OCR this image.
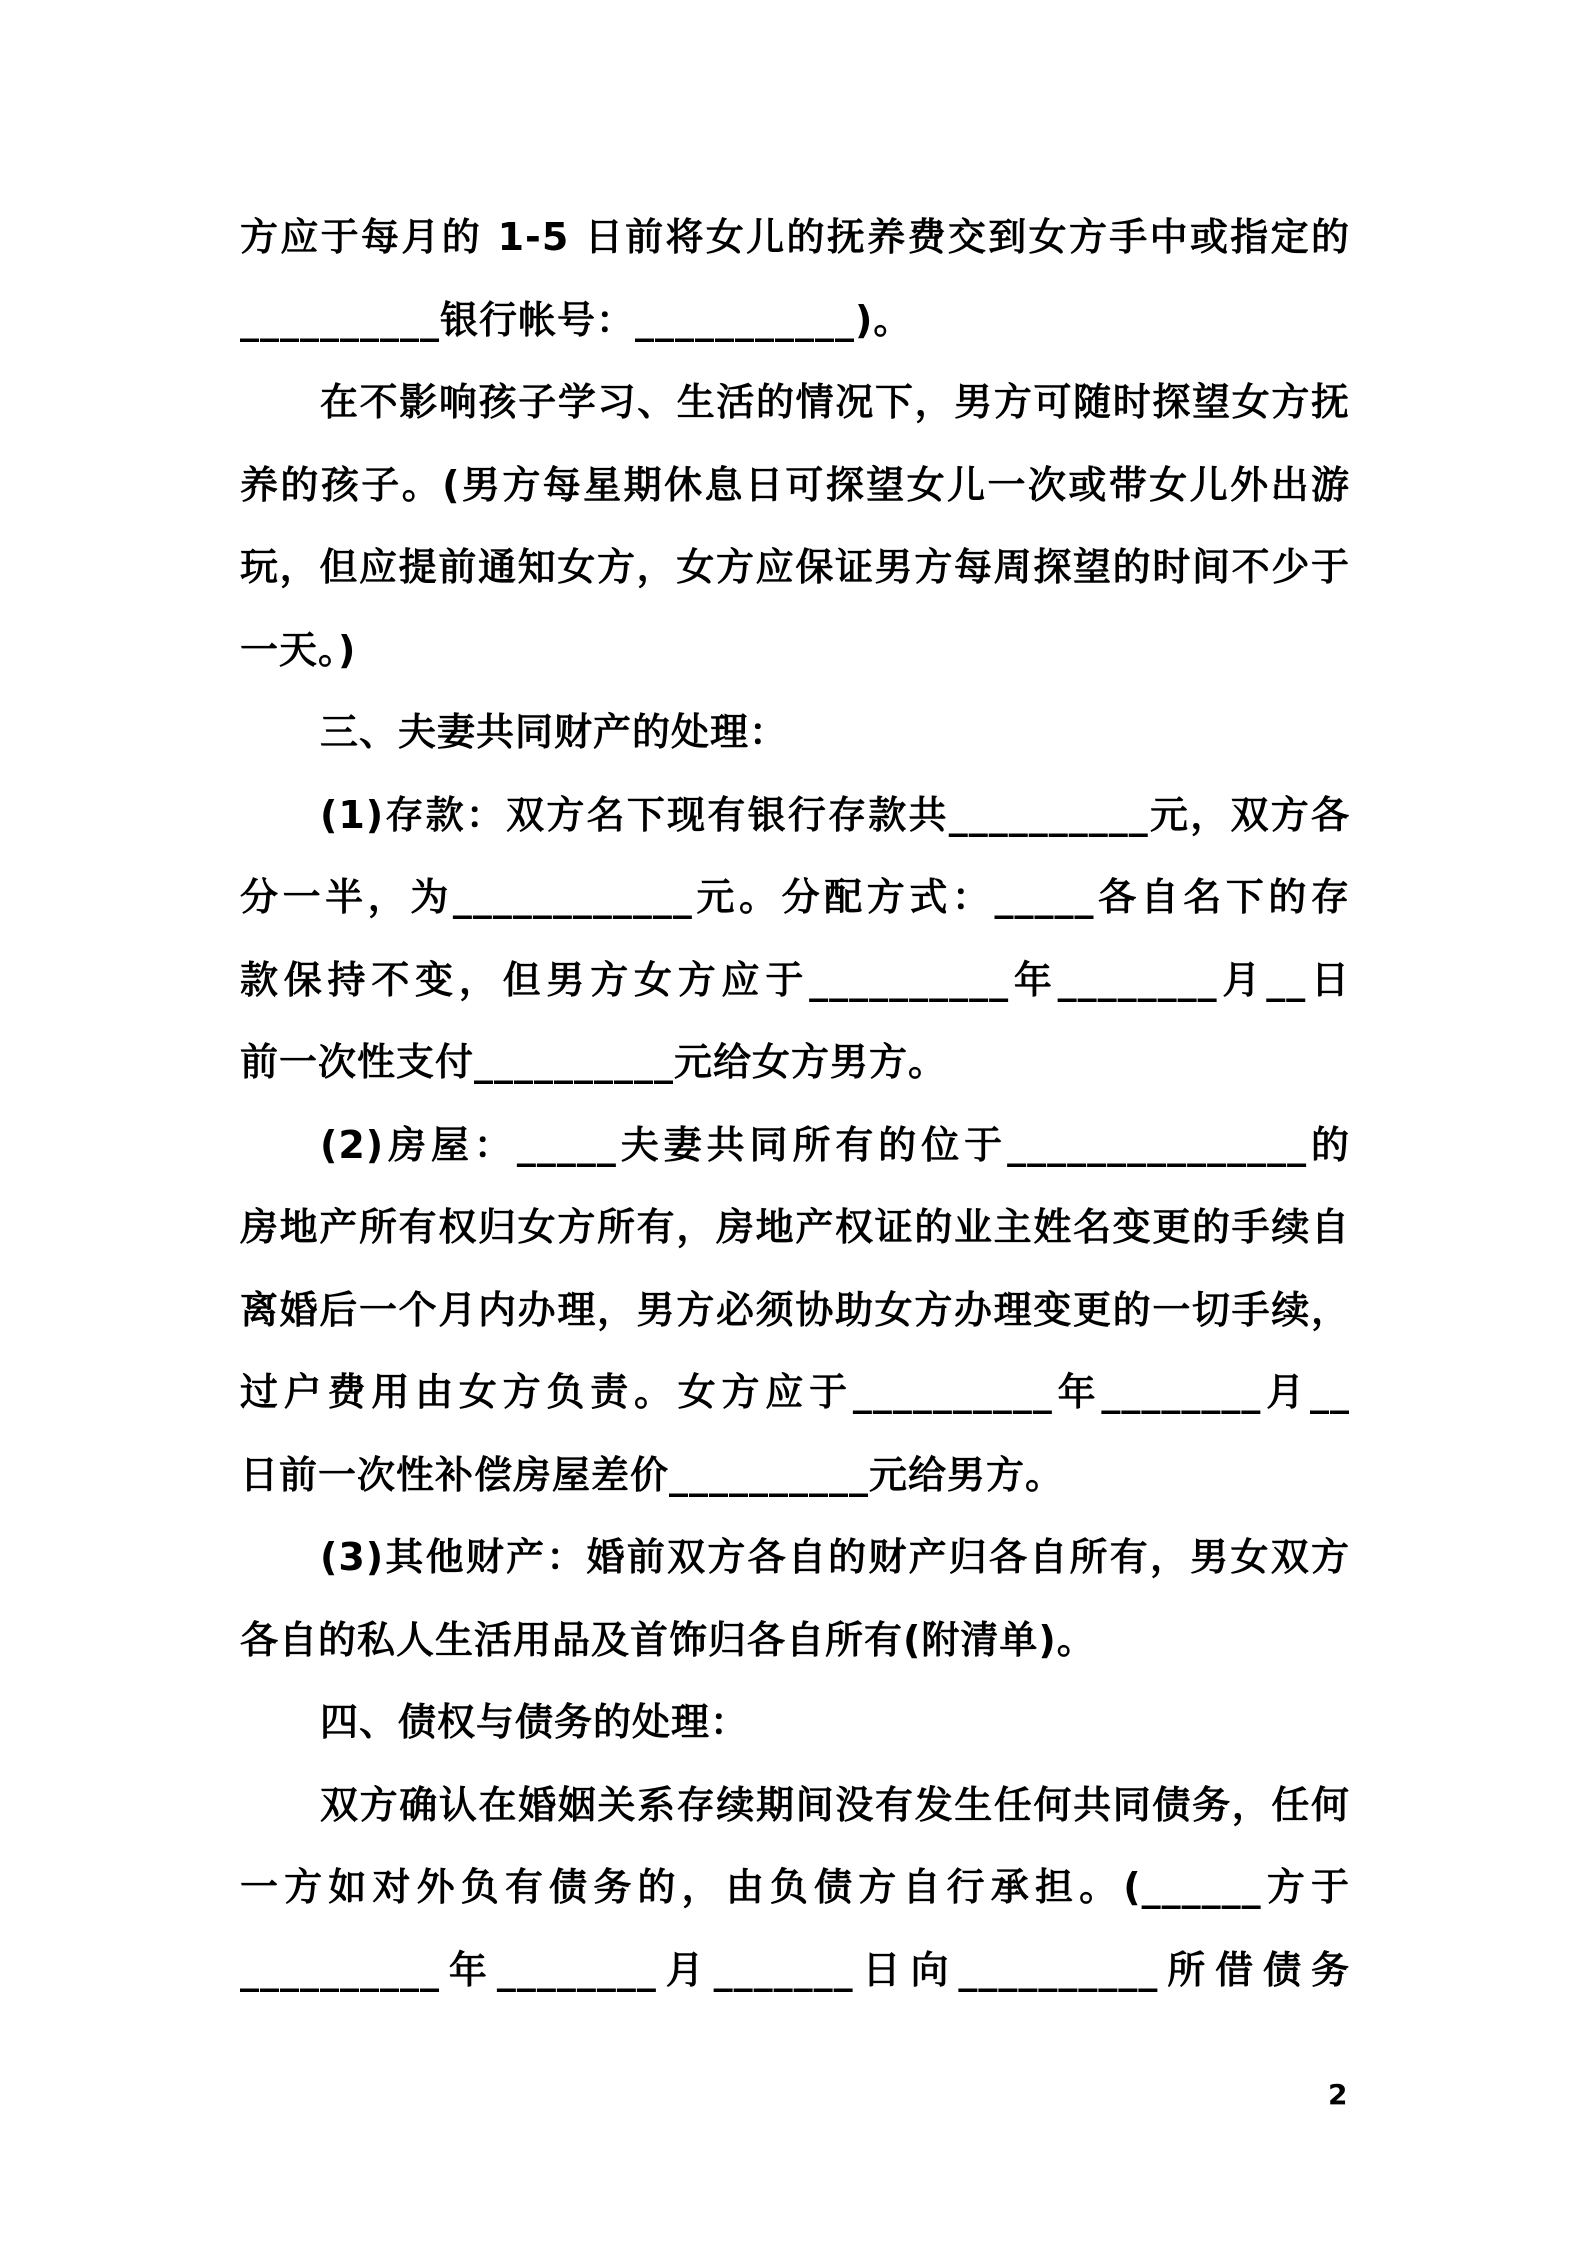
方应于每月的 1-5 日前将女儿的抚养费交到女方手中或指定的
__________银行帐号：___________)。
在不影响孩子学习、生活的情况下，男方可随时探望女方抚
养的孩子。(男方每星期休息日可探望女儿一次或带女儿外出游
玩，但应提前通知女方，女方应保证男方每周探望的时间不少于
一天。)
三、夫妻共同财产的处理：
(1)存款：双方名下现有银行存款共__________元，双方各
分一半，为____________元。分配方式：_____各自名下的存
款保持不变，但男方女方应于__________年________月__日
前一次性支付__________元给女方男方。
(2)房屋：_____夫妻共同所有的位于_______________的
房地产所有权归女方所有，房地产权证的业主姓名变更的手续自
离婚后一个月内办理，男方必须协助女方办理变更的一切手续，
过户费用由女方负责。女方应于__________年________月__
日前一次性补偿房屋差价__________元给男方。
(3)其他财产：婚前双方各自的财产归各自所有，男女双方
各自的私人生活用品及首饰归各自所有(附清单)。
四、债权与债务的处理：
双方确认在婚姻关系存续期间没有发生任何共同债务，任何
一方如对外负有债务的，由负债方自行承担。(______方于
__________年________月_______日向__________所借债务
2
